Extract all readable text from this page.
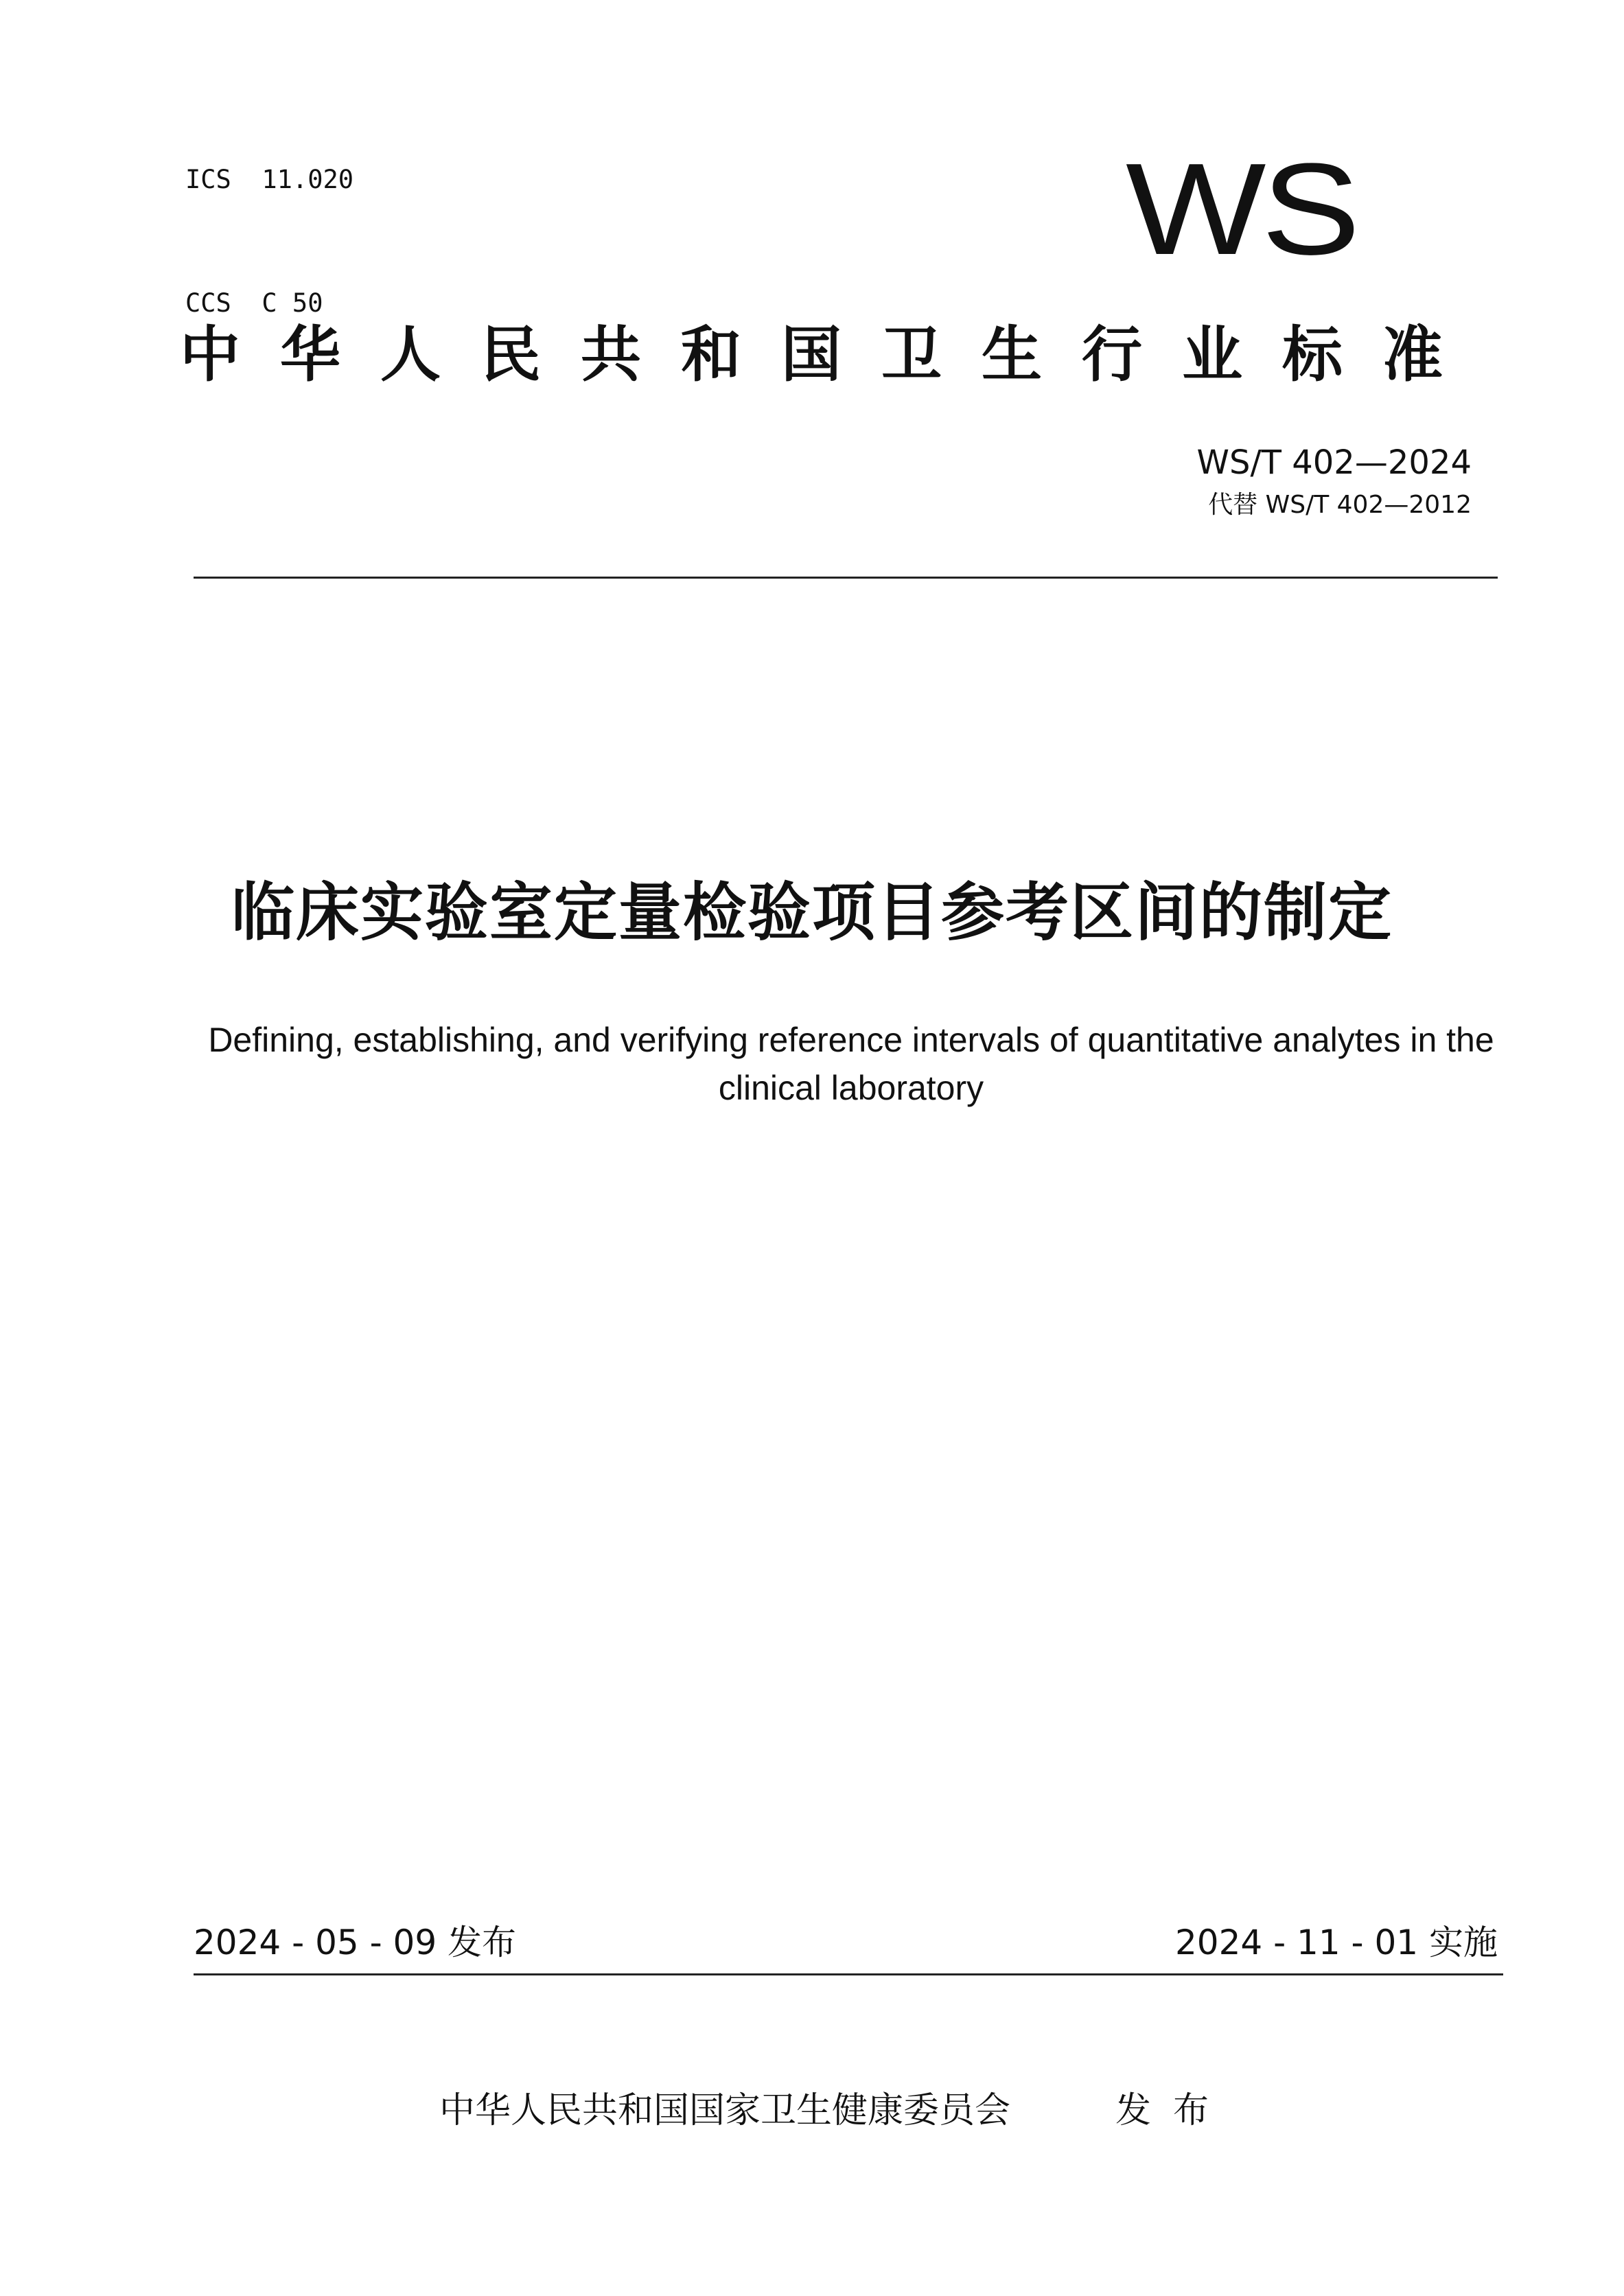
ICS  11.020

CCS  C 50

WS
中华人民共和国卫生行业标准
WS/T 402—2024
代替 WS/T 402—2012
临床实验室定量检验项目参考区间的制定
Defining, establishing, and verifying reference intervals of quantitative analytes in the clinical laboratory
2024 - 05 - 09 发布	2024 - 11 - 01 实施
中华人民共和国国家卫生健康委员会	发布
